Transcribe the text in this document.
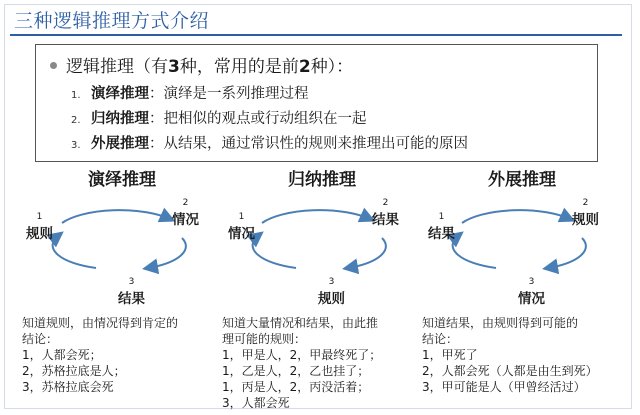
三种逻辑推理方式介绍
逻辑推理（有3种，常用的是前2种）：
1. 演绎推理：演绎是一系列推理过程
2. 归纳推理：把相似的观点或行动组织在一起
3. 外展推理：从结果，通过常识性的规则来推理出可能的原因
演绎推理
1
规则
2
情况
3
结果
知道规则，由情况得到肯定的
结论：
1，人都会死；
2，苏格拉底是人；
3，苏格拉底会死
归纳推理
1
情况
2
结果
3
规则
知道大量情况和结果，由此推
理可能的规则：
1，甲是人，2，甲最终死了；
1，乙是人，2，乙也挂了；
1，丙是人，2，丙没活着；
3，人都会死
外展推理
1
结果
2
规则
3
情况
知道结果，由规则得到可能的
结论：
1，甲死了
2，人都会死（人都是由生到死）
3，甲可能是人（甲曾经活过）
